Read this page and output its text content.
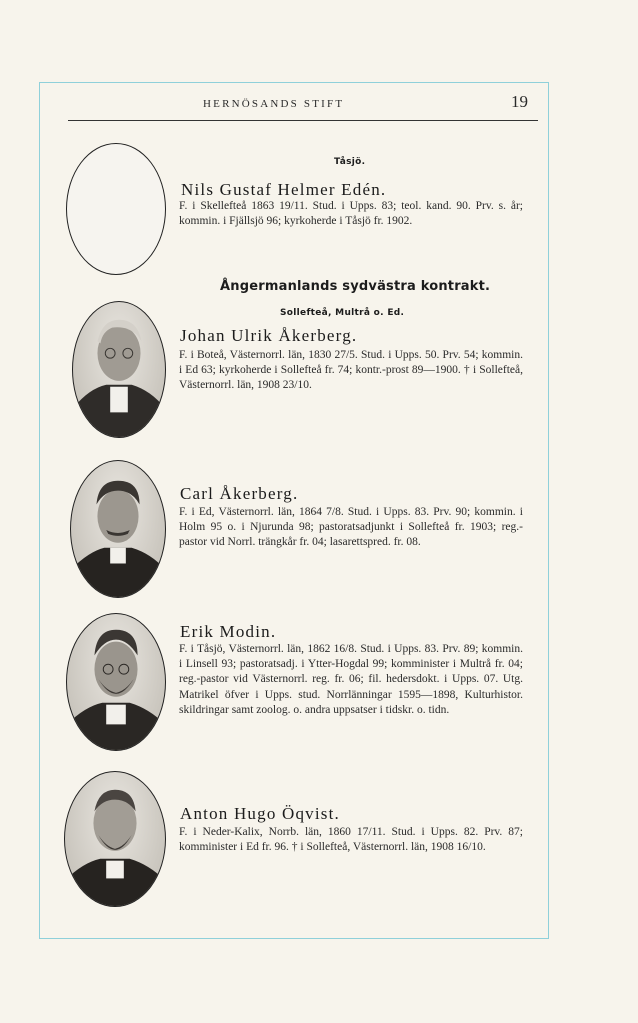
HERNÖSANDS STIFT	19
Tåsjö.
Nils Gustaf Helmer Edén.

F. i Skellefteå 1863 19/11. Stud. i Upps. 83; teol. kand. 90. Prv. s. år; kommin. i Fjällsjö 96; kyrkoherde i Tåsjö fr. 1902.

Ångermanlands sydvästra kontrakt.
Sollefteå, Multrå o. Ed.
Johan Ulrik Åkerberg.

F. i Boteå, Västernorrl. län, 1830 27/5. Stud. i Upps. 50. Prv. 54; kommin. i Ed 63; kyrkoherde i Sollefteå fr. 74; kontr.-prost 89—1900. † i Sollefteå, Västernorrl. län, 1908 23/10.

Carl Åkerberg.

F. i Ed, Västernorrl. län, 1864 7/8. Stud. i Upps. 83. Prv. 90; kommin. i Holm 95 o. i Njurunda 98; pastoratsadjunkt i Sollefteå fr. 1903; reg.-pastor vid Norrl. trängkår fr. 04; lasarettspred. fr. 08.

Erik Modin.

F. i Tåsjö, Västernorrl. län, 1862 16/8. Stud. i Upps. 83. Prv. 89; kommin. i Linsell 93; pastoratsadj. i Ytter-Hogdal 99; komminister i Multrå fr. 04; reg.-pastor vid Västernorrl. reg. fr. 06; fil. hedersdokt. i Upps. 07. Utg. Matrikel öfver i Upps. stud. Norrlänningar 1595—1898, Kulturhistor. skildringar samt zoolog. o. andra uppsatser i tidskr. o. tidn.

Anton Hugo Öqvist.

F. i Neder-Kalix, Norrb. län, 1860 17/11. Stud. i Upps. 82. Prv. 87; komminister i Ed fr. 96. † i Sollefteå, Västernorrl. län, 1908 16/10.
